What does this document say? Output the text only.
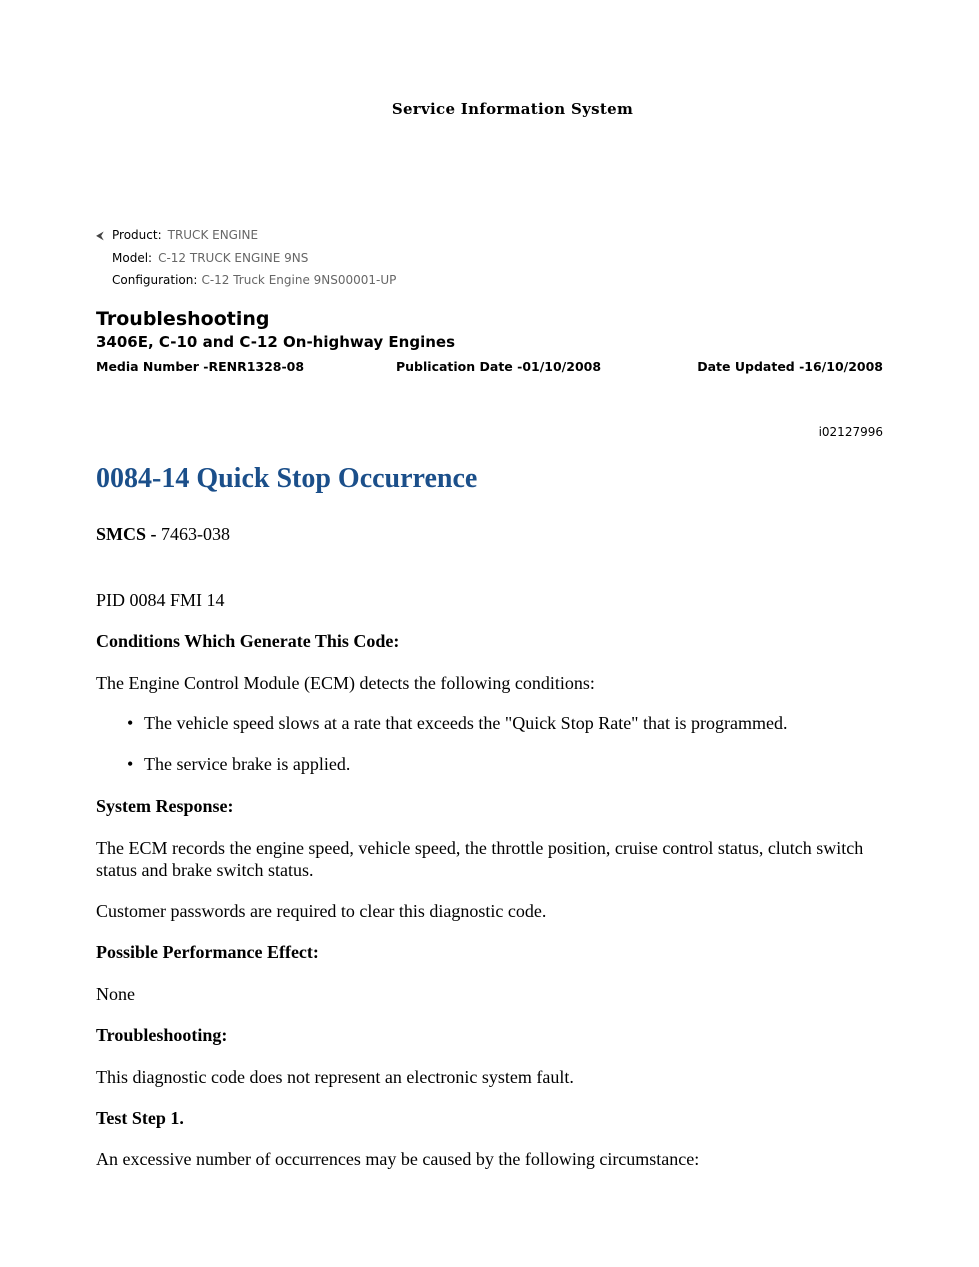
Service Information System
⮜ Product: TRUCK ENGINE
Model: C-12 TRUCK ENGINE 9NS
Configuration: C-12 Truck Engine 9NS00001-UP
Troubleshooting
3406E, C-10 and C-12 On-highway Engines
Media Number -RENR1328-08	Publication Date -01/10/2008	Date Updated -16/10/2008
i02127996
0084-14 Quick Stop Occurrence
SMCS - 7463-038
PID 0084 FMI 14
Conditions Which Generate This Code:
The Engine Control Module (ECM) detects the following conditions:
• The vehicle speed slows at a rate that exceeds the "Quick Stop Rate" that is programmed.
• The service brake is applied.
System Response:
The ECM records the engine speed, vehicle speed, the throttle position, cruise control status, clutch switch status and brake switch status.
Customer passwords are required to clear this diagnostic code.
Possible Performance Effect:
None
Troubleshooting:
This diagnostic code does not represent an electronic system fault.
Test Step 1.
An excessive number of occurrences may be caused by the following circumstance:
